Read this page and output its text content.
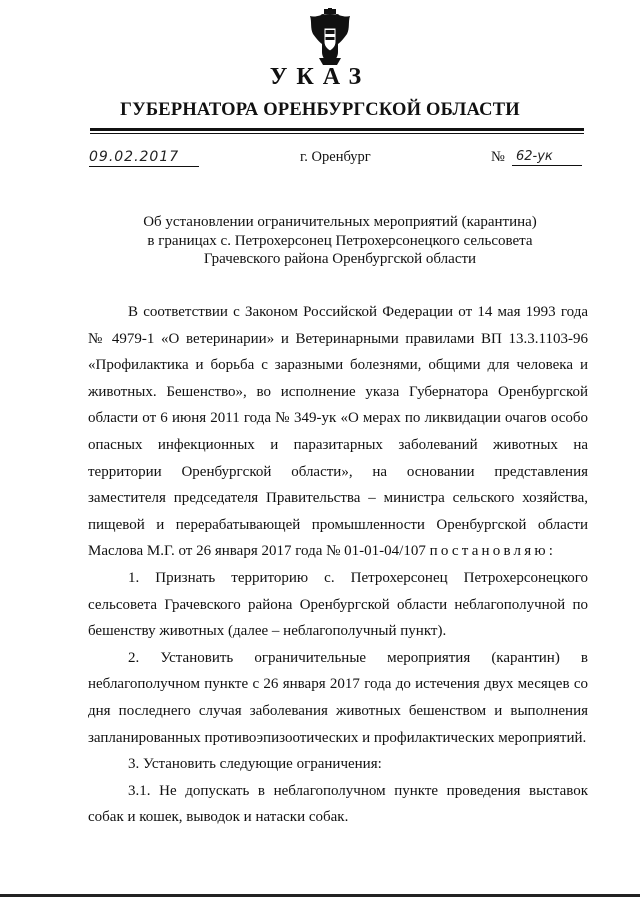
УКАЗ
ГУБЕРНАТОРА ОРЕНБУРГСКОЙ ОБЛАСТИ
09.02.2017	г. Оренбург	№ 62-ук
Об установлении ограничительных мероприятий (карантина)
в границах с. Петрохерсонец Петрохерсонецкого сельсовета
Грачевского района Оренбургской области

В соответствии с Законом Российской Федерации от 14 мая 1993 года № 4979-1 «О ветеринарии» и Ветеринарными правилами ВП 13.3.1103-96 «Профилактика и борьба с заразными болезнями, общими для человека и животных. Бешенство», во исполнение указа Губернатора Оренбургской области от 6 июня 2011 года № 349-ук «О мерах по ликвидации очагов особо опасных инфекционных и паразитарных заболеваний животных на территории Оренбургской области», на основании представления заместителя председателя Правительства – министра сельского хозяйства, пищевой и перерабатывающей промышленности Оренбургской области Маслова М.Г. от 26 января 2017 года № 01-01-04/107 постановляю:

1. Признать территорию с. Петрохерсонец Петрохерсонецкого сельсовета Грачевского района Оренбургской области неблагополучной по бешенству животных (далее – неблагополучный пункт).

2. Установить ограничительные мероприятия (карантин) в неблагополучном пункте с 26 января 2017 года до истечения двух месяцев со дня последнего случая заболевания животных бешенством и выполнения запланированных противоэпизоотических и профилактических мероприятий.

3. Установить следующие ограничения:

3.1. Не допускать в неблагополучном пункте проведения выставок собак и кошек, выводок и натаски собак.
